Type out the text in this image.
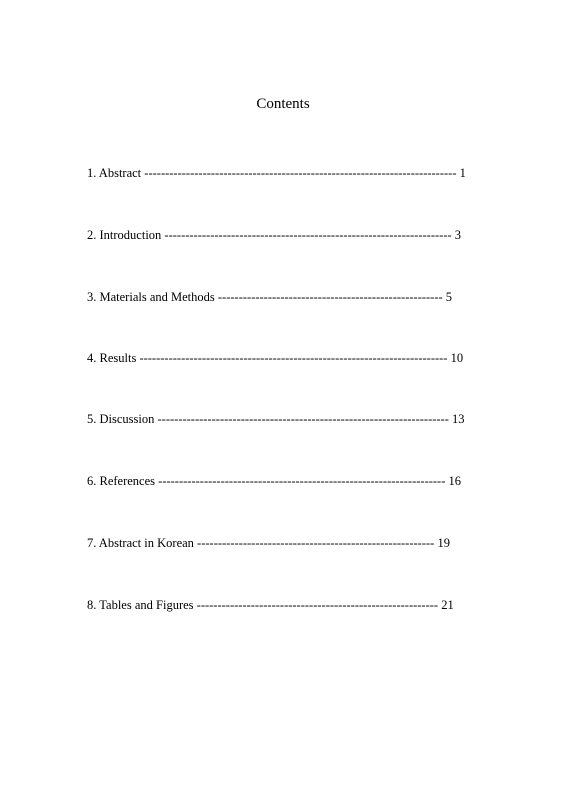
Contents
1. Abstract --------------------------------------------------------------------------- 1
2. Introduction --------------------------------------------------------------------- 3
3. Materials and Methods ------------------------------------------------------ 5
4. Results -------------------------------------------------------------------------- 10
5. Discussion ---------------------------------------------------------------------- 13
6. References --------------------------------------------------------------------- 16
7. Abstract in Korean --------------------------------------------------------- 19
8. Tables and Figures ---------------------------------------------------------- 21
